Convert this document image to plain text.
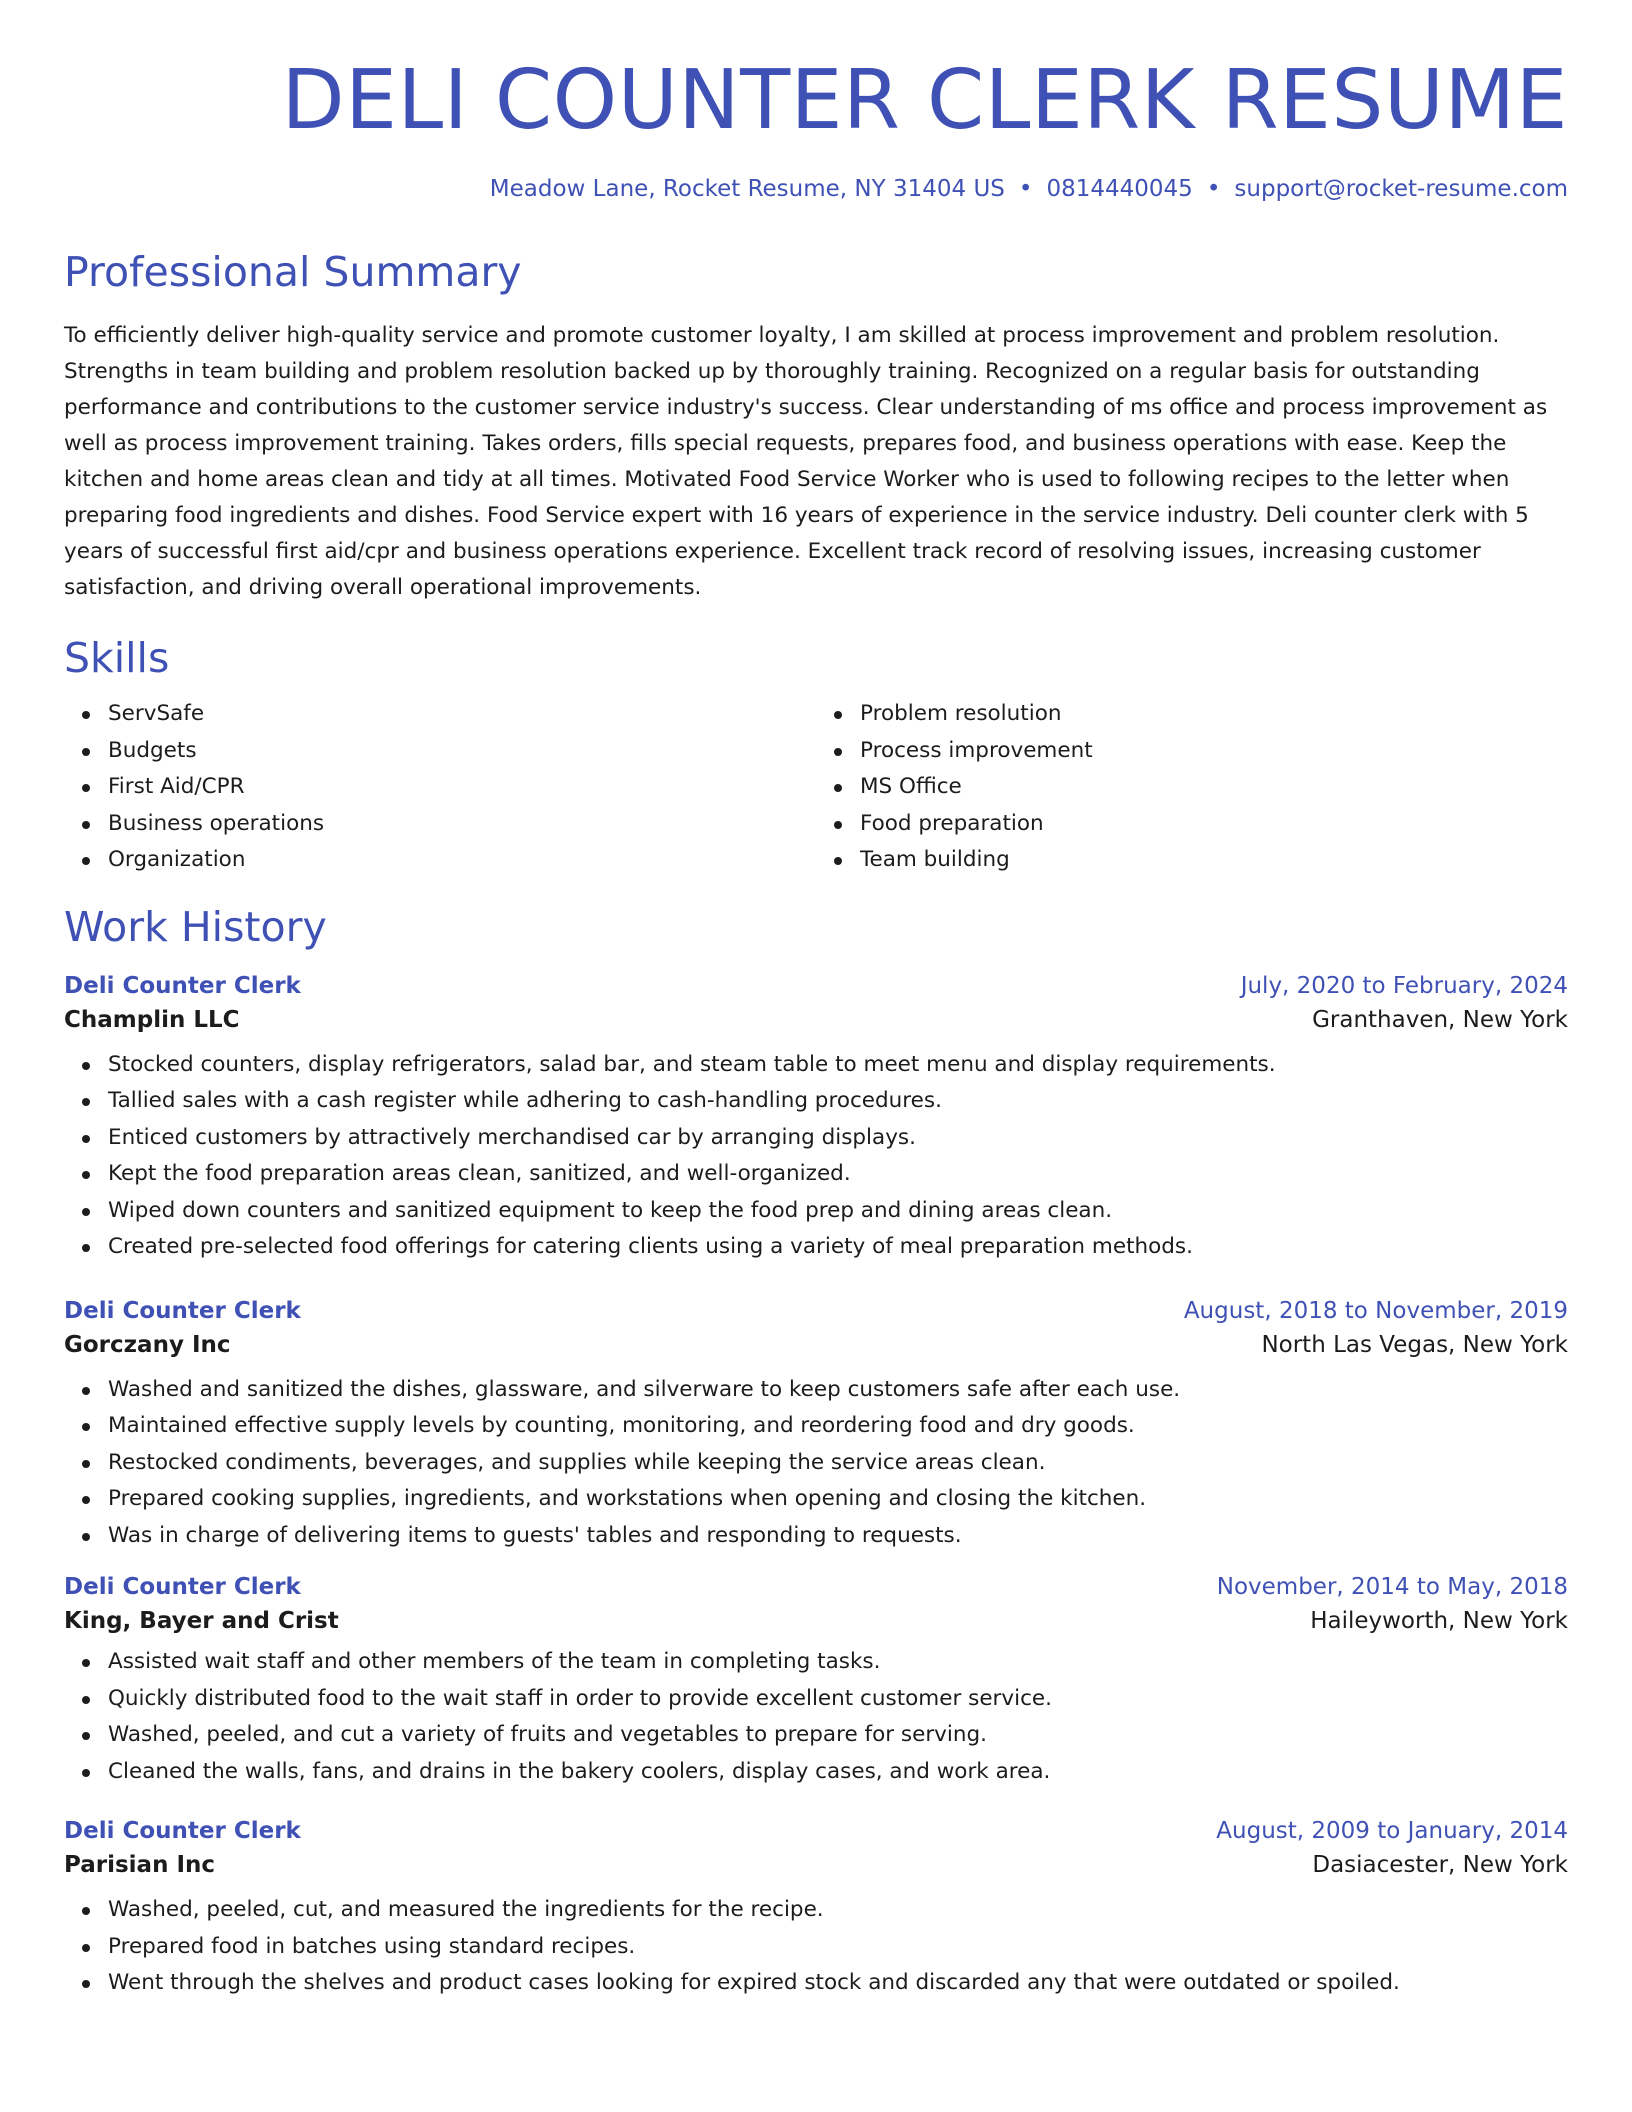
DELI COUNTER CLERK RESUME
Meadow Lane, Rocket Resume, NY 31404 US • 0814440045 • support@rocket-resume.com
Professional Summary
To efficiently deliver high-quality service and promote customer loyalty, I am skilled at process improvement and problem resolution. Strengths in team building and problem resolution backed up by thoroughly training. Recognized on a regular basis for outstanding performance and contributions to the customer service industry's success. Clear understanding of ms office and process improvement as well as process improvement training. Takes orders, fills special requests, prepares food, and business operations with ease. Keep the kitchen and home areas clean and tidy at all times. Motivated Food Service Worker who is used to following recipes to the letter when preparing food ingredients and dishes. Food Service expert with 16 years of experience in the service industry. Deli counter clerk with 5 years of successful first aid/cpr and business operations experience. Excellent track record of resolving issues, increasing customer satisfaction, and driving overall operational improvements.
Skills
ServSafe
Budgets
First Aid/CPR
Business operations
Organization
Problem resolution
Process improvement
MS Office
Food preparation
Team building
Work History
Deli Counter Clerk	July, 2020 to February, 2024
Champlin LLC	Granthaven, New York
Stocked counters, display refrigerators, salad bar, and steam table to meet menu and display requirements.
Tallied sales with a cash register while adhering to cash-handling procedures.
Enticed customers by attractively merchandised car by arranging displays.
Kept the food preparation areas clean, sanitized, and well-organized.
Wiped down counters and sanitized equipment to keep the food prep and dining areas clean.
Created pre-selected food offerings for catering clients using a variety of meal preparation methods.
Deli Counter Clerk	August, 2018 to November, 2019
Gorczany Inc	North Las Vegas, New York
Washed and sanitized the dishes, glassware, and silverware to keep customers safe after each use.
Maintained effective supply levels by counting, monitoring, and reordering food and dry goods.
Restocked condiments, beverages, and supplies while keeping the service areas clean.
Prepared cooking supplies, ingredients, and workstations when opening and closing the kitchen.
Was in charge of delivering items to guests' tables and responding to requests.
Deli Counter Clerk	November, 2014 to May, 2018
King, Bayer and Crist	Haileyworth, New York
Assisted wait staff and other members of the team in completing tasks.
Quickly distributed food to the wait staff in order to provide excellent customer service.
Washed, peeled, and cut a variety of fruits and vegetables to prepare for serving.
Cleaned the walls, fans, and drains in the bakery coolers, display cases, and work area.
Deli Counter Clerk	August, 2009 to January, 2014
Parisian Inc	Dasiacester, New York
Washed, peeled, cut, and measured the ingredients for the recipe.
Prepared food in batches using standard recipes.
Went through the shelves and product cases looking for expired stock and discarded any that were outdated or spoiled.
